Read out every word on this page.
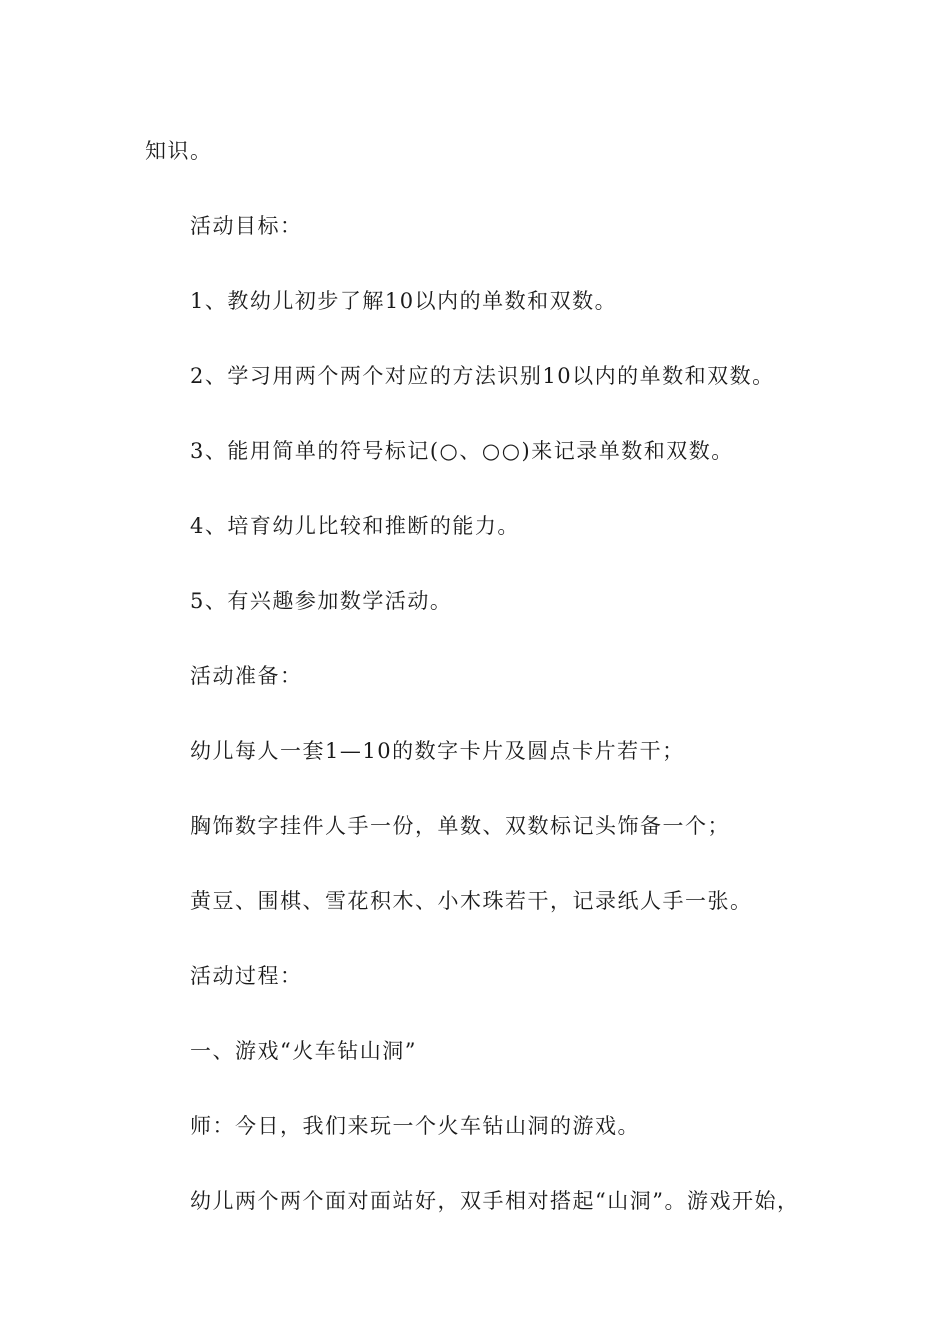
知识。
活动目标：
1、教幼儿初步了解10以内的单数和双数。
2、学习用两个两个对应的方法识别10以内的单数和双数。
3、能用简单的符号标记(○、○○)来记录单数和双数。
4、培育幼儿比较和推断的能力。
5、有兴趣参加数学活动。
活动准备：
幼儿每人一套1—10的数字卡片及圆点卡片若干；
胸饰数字挂件人手一份，单数、双数标记头饰备一个；
黄豆、围棋、雪花积木、小木珠若干，记录纸人手一张。
活动过程：
一、游戏“火车钻山洞”
师：今日，我们来玩一个火车钻山洞的游戏。
幼儿两个两个面对面站好，双手相对搭起“山洞”。游戏开始，
